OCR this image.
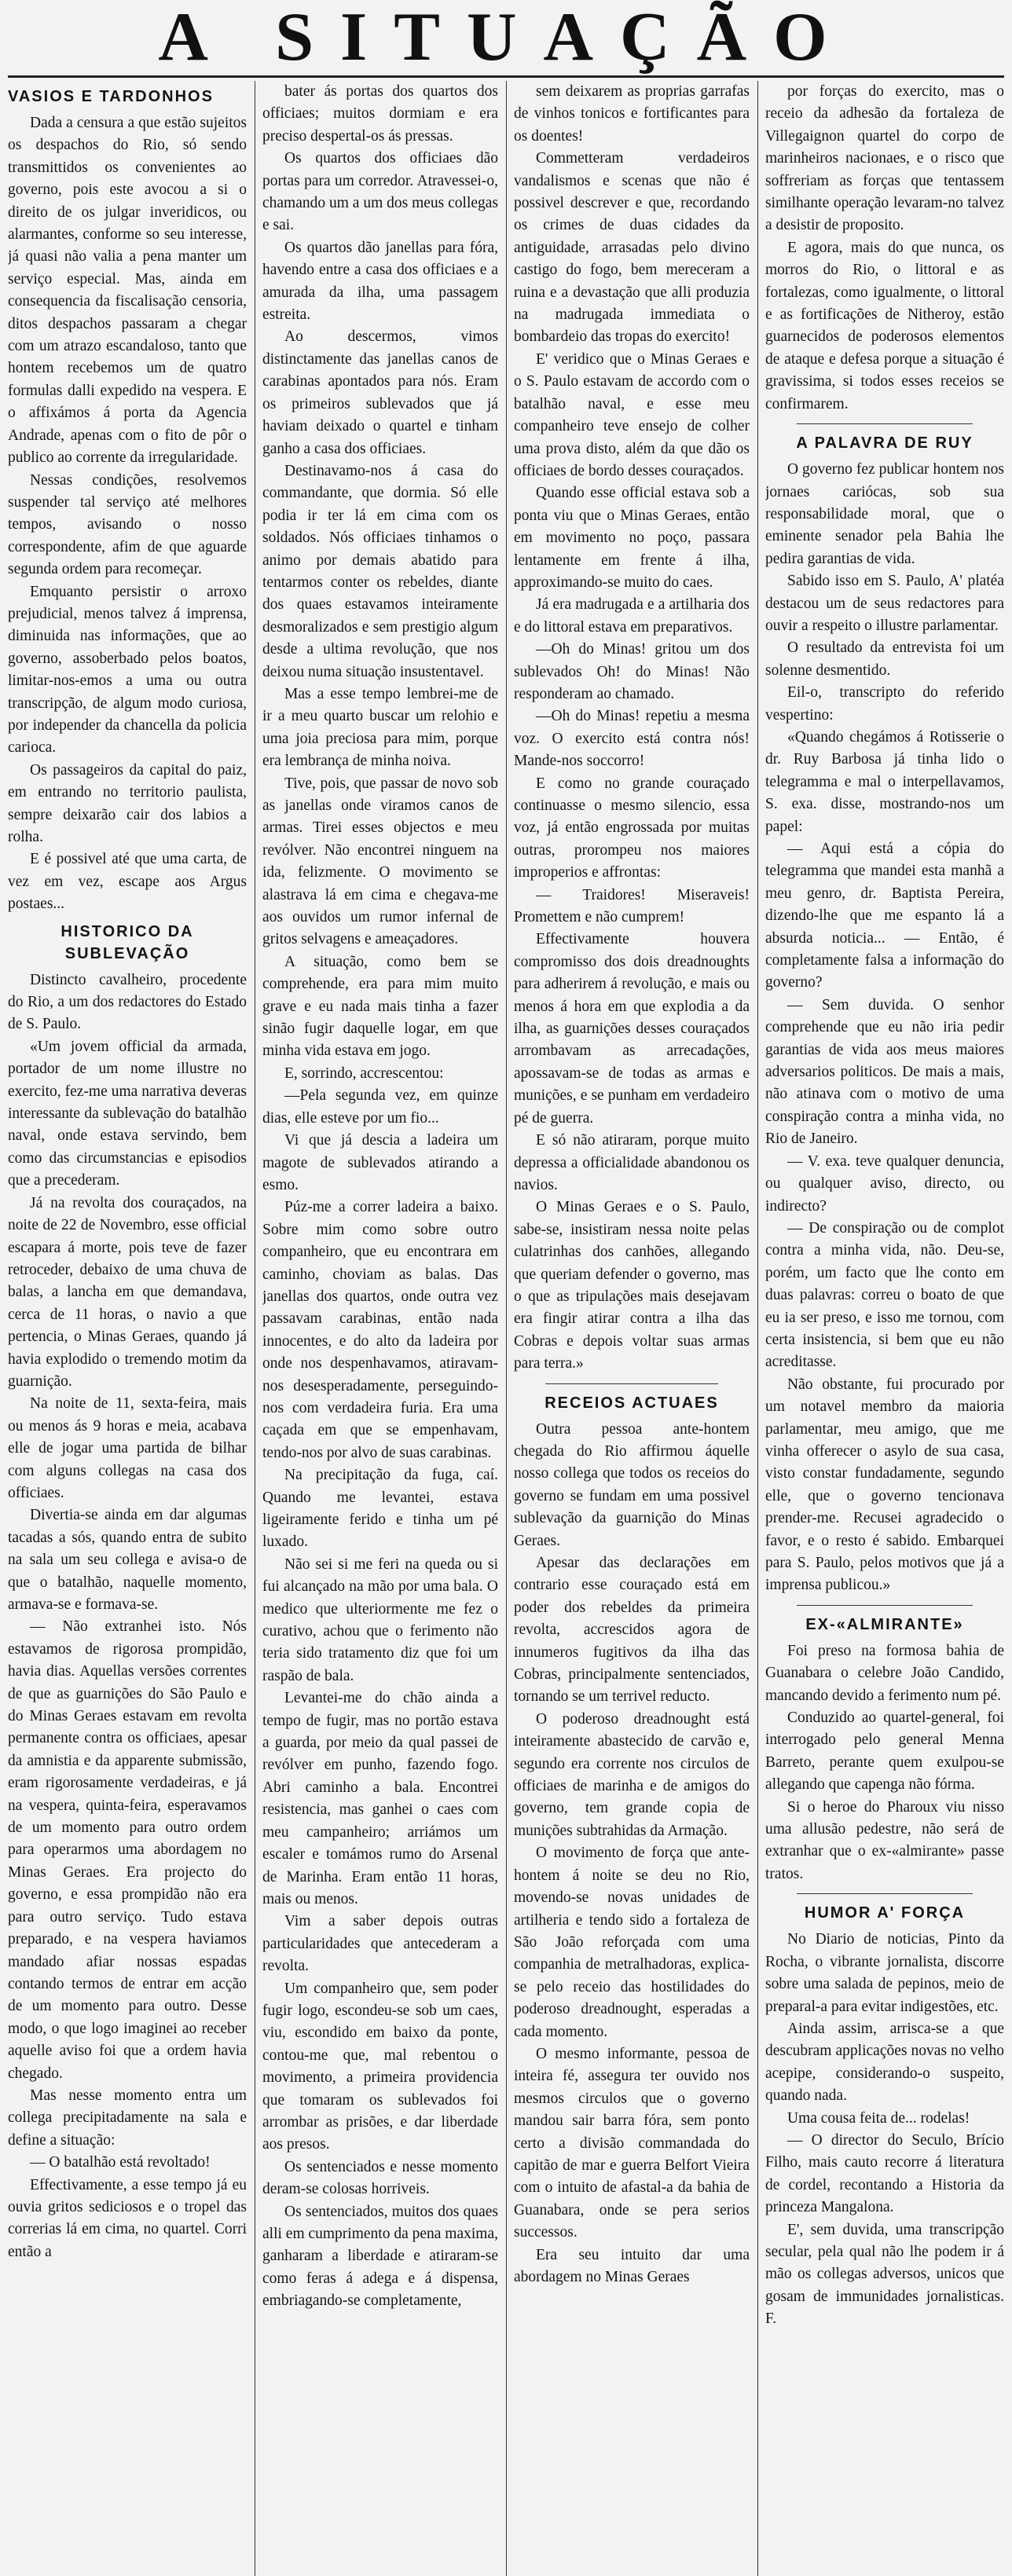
A SITUAÇÃO
VASIOS E TARDONHOS

Dada a censura a que estão sujeitos os despachos do Rio, só sendo transmittidos os convenientes ao governo, pois este avocou a si o direito de os julgar inveridicos, ou alarmantes, conforme so seu interesse, já quasi não valia a pena manter um serviço especial. Mas, ainda em consequencia da fiscalisação censoria, ditos despachos passaram a chegar com um atrazo escandaloso, tanto que hontem recebemos um de quatro formulas dalli expedido na vespera. E o affixámos á porta da Agencia Andrade, apenas com o fito de pôr o publico ao corrente da irregularidade.

Nessas condições, resolvemos suspender tal serviço até melhores tempos, avisando o nosso correspondente, afim de que aguarde segunda ordem para recomeçar.

Emquanto persistir o arroxo prejudicial, menos talvez á imprensa, diminuida nas informações, que ao governo, assoberbado pelos boatos, limitar-nos-emos a uma ou outra transcripção, de algum modo curiosa, por independer da chancella da policia carioca.

Os passageiros da capital do paiz, em entrando no territorio paulista, sempre deixarão cair dos labios a rolha.

E é possivel até que uma carta, de vez em vez, escape aos Argus postaes...

HISTORICO DA SUBLEVAÇÃO

Distincto cavalheiro, procedente do Rio, a um dos redactores do Estado de S. Paulo.

«Um jovem official da armada, portador de um nome illustre no exercito, fez-me uma narrativa deveras interessante da sublevação do batalhão naval, onde estava servindo, bem como das circumstancias e episodios que a precederam.

Já na revolta dos couraçados, na noite de 22 de Novembro, esse official escapara á morte, pois teve de fazer retroceder, debaixo de uma chuva de balas, a lancha em que demandava, cerca de 11 horas, o navio a que pertencia, o Minas Geraes, quando já havia explodido o tremendo motim da guarnição.

Na noite de 11, sexta-feira, mais ou menos ás 9 horas e meia, acabava elle de jogar uma partida de bilhar com alguns collegas na casa dos officiaes.

Divertia-se ainda em dar algumas tacadas a sós, quando entra de subito na sala um seu collega e avisa-o de que o batalhão, naquelle momento, armava-se e formava-se.

— Não extranhei isto. Nós estavamos de rigorosa prompidão, havia dias. Aquellas versões correntes de que as guarnições do São Paulo e do Minas Geraes estavam em revolta permanente contra os officiaes, apesar da amnistia e da apparente submissão, eram rigorosamente verdadeiras, e já na vespera, quinta-feira, esperavamos de um momento para outro ordem para operarmos uma abordagem no Minas Geraes. Era projecto do governo, e essa prompidão não era para outro serviço. Tudo estava preparado, e na vespera haviamos mandado afiar nossas espadas contando termos de entrar em acção de um momento para outro. Desse modo, o que logo imaginei ao receber aquelle aviso foi que a ordem havia chegado.

Mas nesse momento entra um collega precipitadamente na sala e define a situação:

— O batalhão está revoltado!

Effectivamente, a esse tempo já eu ouvia gritos sediciosos e o tropel das correrias lá em cima, no quartel. Corri então a

bater ás portas dos quartos dos officiaes; muitos dormiam e era preciso despertal-os ás pressas.

Os quartos dos officiaes dão portas para um corredor. Atravessei-o, chamando um a um dos meus collegas e sai.

Os quartos dão janellas para fóra, havendo entre a casa dos officiaes e a amurada da ilha, uma passagem estreita.

Ao descermos, vimos distinctamente das janellas canos de carabinas apontados para nós. Eram os primeiros sublevados que já haviam deixado o quartel e tinham ganho a casa dos officiaes.

Destinavamo-nos á casa do commandante, que dormia. Só elle podia ir ter lá em cima com os soldados. Nós officiaes tinhamos o animo por demais abatido para tentarmos conter os rebeldes, diante dos quaes estavamos inteiramente desmoralizados e sem prestigio algum desde a ultima revolução, que nos deixou numa situação insustentavel.

Mas a esse tempo lembrei-me de ir a meu quarto buscar um relohio e uma joia preciosa para mim, porque era lembrança de minha noiva.

Tive, pois, que passar de novo sob as janellas onde viramos canos de armas. Tirei esses objectos e meu revólver. Não encontrei ninguem na ida, felizmente. O movimento se alastrava lá em cima e chegava-me aos ouvidos um rumor infernal de gritos selvagens e ameaçadores.

A situação, como bem se comprehende, era para mim muito grave e eu nada mais tinha a fazer sinão fugir daquelle logar, em que minha vida estava em jogo.

E, sorrindo, accrescentou:

—Pela segunda vez, em quinze dias, elle esteve por um fio...

Vi que já descia a ladeira um magote de sublevados atirando a esmo.

Púz-me a correr ladeira a baixo. Sobre mim como sobre outro companheiro, que eu encontrara em caminho, choviam as balas. Das janellas dos quartos, onde outra vez passavam carabinas, então nada innocentes, e do alto da ladeira por onde nos despenhavamos, atiravam-nos desesperadamente, perseguindo-nos com verdadeira furia. Era uma caçada em que se empenhavam, tendo-nos por alvo de suas carabinas.

Na precipitação da fuga, caí. Quando me levantei, estava ligeiramente ferido e tinha um pé luxado.

Não sei si me feri na queda ou si fui alcançado na mão por uma bala. O medico que ulteriormente me fez o curativo, achou que o ferimento não teria sido tratamento diz que foi um raspão de bala.

Levantei-me do chão ainda a tempo de fugir, mas no portão estava a guarda, por meio da qual passei de revólver em punho, fazendo fogo. Abri caminho a bala. Encontrei resistencia, mas ganhei o caes com meu campanheiro; arriámos um escaler e tomámos rumo do Arsenal de Marinha. Eram então 11 horas, mais ou menos.

Vim a saber depois outras particularidades que antecederam a revolta.

Um companheiro que, sem poder fugir logo, escondeu-se sob um caes, viu, escondido em baixo da ponte, contou-me que, mal rebentou o movimento, a primeira providencia que tomaram os sublevados foi arrombar as prisões, e dar liberdade aos presos.

Os sentenciados e nesse momento deram-se colosas horriveis.

Os sentenciados, muitos dos quaes alli em cumprimento da pena maxima, ganharam a liberdade e atiraram-se como feras á adega e á dispensa, embriagando-se completamente,

sem deixarem as proprias garrafas de vinhos tonicos e fortificantes para os doentes!

Commetteram verdadeiros vandalismos e scenas que não é possivel descrever e que, recordando os crimes de duas cidades da antiguidade, arrasadas pelo divino castigo do fogo, bem mereceram a ruina e a devastação que alli produzia na madrugada immediata o bombardeio das tropas do exercito!

E' veridico que o Minas Geraes e o S. Paulo estavam de accordo com o batalhão naval, e esse meu companheiro teve ensejo de colher uma prova disto, além da que dão os officiaes de bordo desses couraçados.

Quando esse official estava sob a ponta viu que o Minas Geraes, então em movimento no poço, passara lentamente em frente á ilha, approximando-se muito do caes.

Já era madrugada e a artilharia dos e do littoral estava em preparativos.

—Oh do Minas! gritou um dos sublevados Oh! do Minas! Não responderam ao chamado.

—Oh do Minas! repetiu a mesma voz. O exercito está contra nós! Mande-nos soccorro!

E como no grande couraçado continuasse o mesmo silencio, essa voz, já então engrossada por muitas outras, prorompeu nos maiores improperios e affrontas:

— Traidores! Miseraveis! Promettem e não cumprem!

Effectivamente houvera compromisso dos dois dreadnoughts para adherirem á revolução, e mais ou menos á hora em que explodia a da ilha, as guarnições desses couraçados arrombavam as arrecadações, apossavam-se de todas as armas e munições, e se punham em verdadeiro pé de guerra.

E só não atiraram, porque muito depressa a officialidade abandonou os navios.

O Minas Geraes e o S. Paulo, sabe-se, insistiram nessa noite pelas culatrinhas dos canhões, allegando que queriam defender o governo, mas o que as tripulações mais desejavam era fingir atirar contra a ilha das Cobras e depois voltar suas armas para terra.»

RECEIOS ACTUAES

Outra pessoa ante-hontem chegada do Rio affirmou áquelle nosso collega que todos os receios do governo se fundam em uma possivel sublevação da guarnição do Minas Geraes.

Apesar das declarações em contrario esse couraçado está em poder dos rebeldes da primeira revolta, accrescidos agora de innumeros fugitivos da ilha das Cobras, principalmente sentenciados, tornando se um terrivel reducto.

O poderoso dreadnought está inteiramente abastecido de carvão e, segundo era corrente nos circulos de officiaes de marinha e de amigos do governo, tem grande copia de munições subtrahidas da Armação.

O movimento de força que ante-hontem á noite se deu no Rio, movendo-se novas unidades de artilheria e tendo sido a fortaleza de São João reforçada com uma companhia de metralhadoras, explica-se pelo receio das hostilidades do poderoso dreadnought, esperadas a cada momento.

O mesmo informante, pessoa de inteira fé, assegura ter ouvido nos mesmos circulos que o governo mandou sair barra fóra, sem ponto certo a divisão commandada do capitão de mar e guerra Belfort Vieira com o intuito de afastal-a da bahia de Guanabara, onde se pera serios successos.

Era seu intuito dar uma abordagem no Minas Geraes

por forças do exercito, mas o receio da adhesão da fortaleza de Villegaignon quartel do corpo de marinheiros nacionaes, e o risco que soffreriam as forças que tentassem similhante operação levaram-no talvez a desistir de proposito.

E agora, mais do que nunca, os morros do Rio, o littoral e as fortalezas, como igualmente, o littoral e as fortificações de Nitheroy, estão guarnecidos de poderosos elementos de ataque e defesa porque a situação é gravissima, si todos esses receios se confirmarem.

A PALAVRA DE RUY

O governo fez publicar hontem nos jornaes cariócas, sob sua responsabilidade moral, que o eminente senador pela Bahia lhe pedira garantias de vida.

Sabido isso em S. Paulo, A' platéa destacou um de seus redactores para ouvir a respeito o illustre parlamentar.

O resultado da entrevista foi um solenne desmentido.

Eil-o, transcripto do referido vespertino:

«Quando chegámos á Rotisserie o dr. Ruy Barbosa já tinha lido o telegramma e mal o interpellavamos, S. exa. disse, mostrando-nos um papel:

— Aqui está a cópia do telegramma que mandei esta manhã a meu genro, dr. Baptista Pereira, dizendo-lhe que me espanto lá a absurda noticia... — Então, é completamente falsa a informação do governo?

— Sem duvida. O senhor comprehende que eu não iria pedir garantias de vida aos meus maiores adversarios politicos. De mais a mais, não atinava com o motivo de uma conspiração contra a minha vida, no Rio de Janeiro.

— V. exa. teve qualquer denuncia, ou qualquer aviso, directo, ou indirecto?

— De conspiração ou de complot contra a minha vida, não. Deu-se, porém, um facto que lhe conto em duas palavras: correu o boato de que eu ia ser preso, e isso me tornou, com certa insistencia, si bem que eu não acreditasse.

Não obstante, fui procurado por um notavel membro da maioria parlamentar, meu amigo, que me vinha offerecer o asylo de sua casa, visto constar fundadamente, segundo elle, que o governo tencionava prender-me. Recusei agradecido o favor, e o resto é sabido. Embarquei para S. Paulo, pelos motivos que já a imprensa publicou.»

EX-«ALMIRANTE»

Foi preso na formosa bahia de Guanabara o celebre João Candido, mancando devido a ferimento num pé.

Conduzido ao quartel-general, foi interrogado pelo general Menna Barreto, perante quem exulpou-se allegando que capenga não fórma.

Si o heroe do Pharoux viu nisso uma allusão pedestre, não será de extranhar que o ex-«almirante» passe tratos.

HUMOR A' FORÇA

No Diario de noticias, Pinto da Rocha, o vibrante jornalista, discorre sobre uma salada de pepinos, meio de preparal-a para evitar indigestões, etc.

Ainda assim, arrisca-se a que descubram applicações novas no velho acepipe, considerando-o suspeito, quando nada.

Uma cousa feita de... rodelas!

— O director do Seculo, Brício Filho, mais cauto recorre á literatura de cordel, recontando a Historia da princeza Mangalona.

E', sem duvida, uma transcripção secular, pela qual não lhe podem ir á mão os collegas adversos, unicos que gosam de immunidades jornalisticas. F.
